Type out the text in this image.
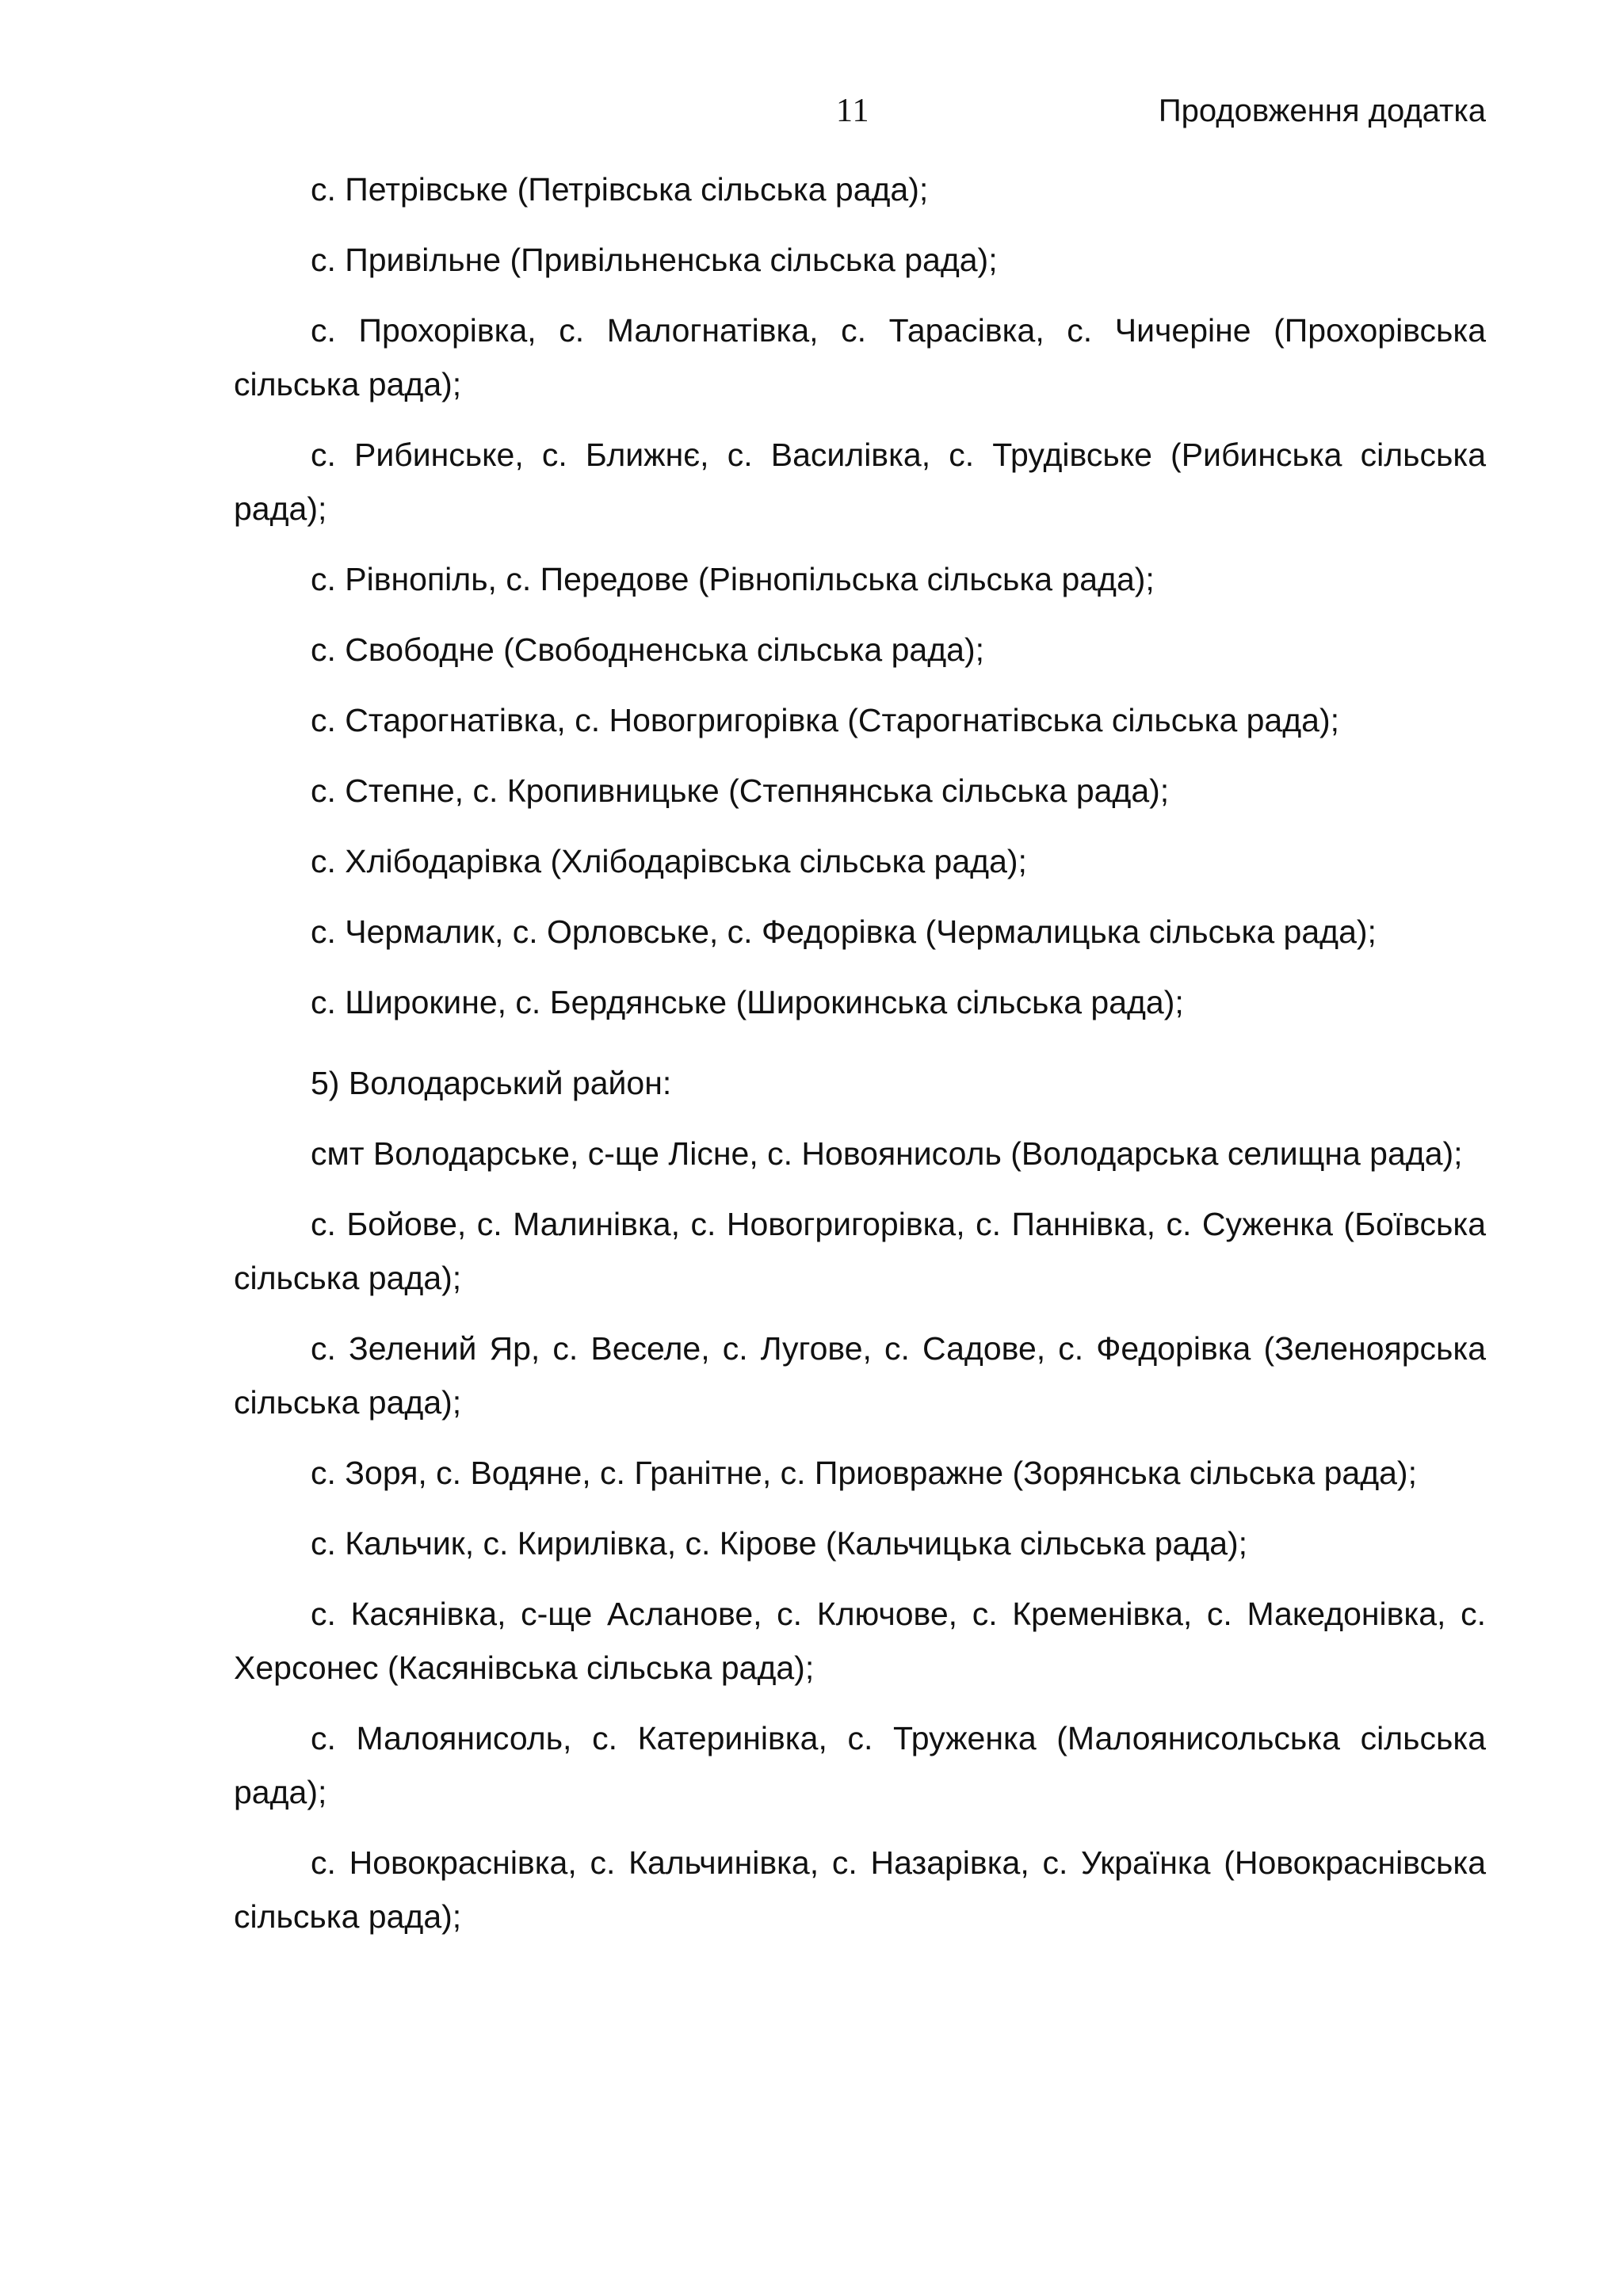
11	Продовження додатка

с. Петрівське (Петрівська сільська рада);

с. Привільне (Привільненська сільська рада);

с. Прохорівка, с. Малогнатівка, с. Тарасівка, с. Чичеріне (Прохорівська сільська рада);

с. Рибинське, с. Ближнє, с. Василівка, с. Трудівське (Рибинська сільська рада);

с. Рівнопіль, с. Передове (Рівнопільська сільська рада);

с. Свободне (Свободненська сільська рада);

с. Старогнатівка, с. Новогригорівка (Старогнатівська сільська рада);

с. Степне, с. Кропивницьке (Степнянська сільська рада);

с. Хлібодарівка (Хлібодарівська сільська рада);

с. Чермалик, с. Орловське, с. Федорівка (Чермалицька сільська рада);

с. Широкине, с. Бердянське (Широкинська сільська рада);

5) Володарський район:

смт Володарське, с-ще Лісне, с. Новоянисоль (Володарська селищна рада);

с. Бойове, с. Малинівка, с. Новогригорівка, с. Паннівка, с. Суженка (Боївська сільська рада);

с. Зелений Яр, с. Веселе, с. Лугове, с. Садове, с. Федорівка (Зеленоярська сільська рада);

с. Зоря, с. Водяне, с. Гранітне, с. Приовражне (Зорянська сільська рада);

с. Кальчик, с. Кирилівка, с. Кірове (Кальчицька сільська рада);

с. Касянівка, с-ще Асланове, с. Ключове, с. Кременівка, с. Македонівка, с. Херсонес (Касянівська сільська рада);

с. Малоянисоль, с. Катеринівка, с. Труженка (Малоянисольська сільська рада);

с. Новокраснівка, с. Кальчинівка, с. Назарівка, с. Українка (Новокраснівська сільська рада);
